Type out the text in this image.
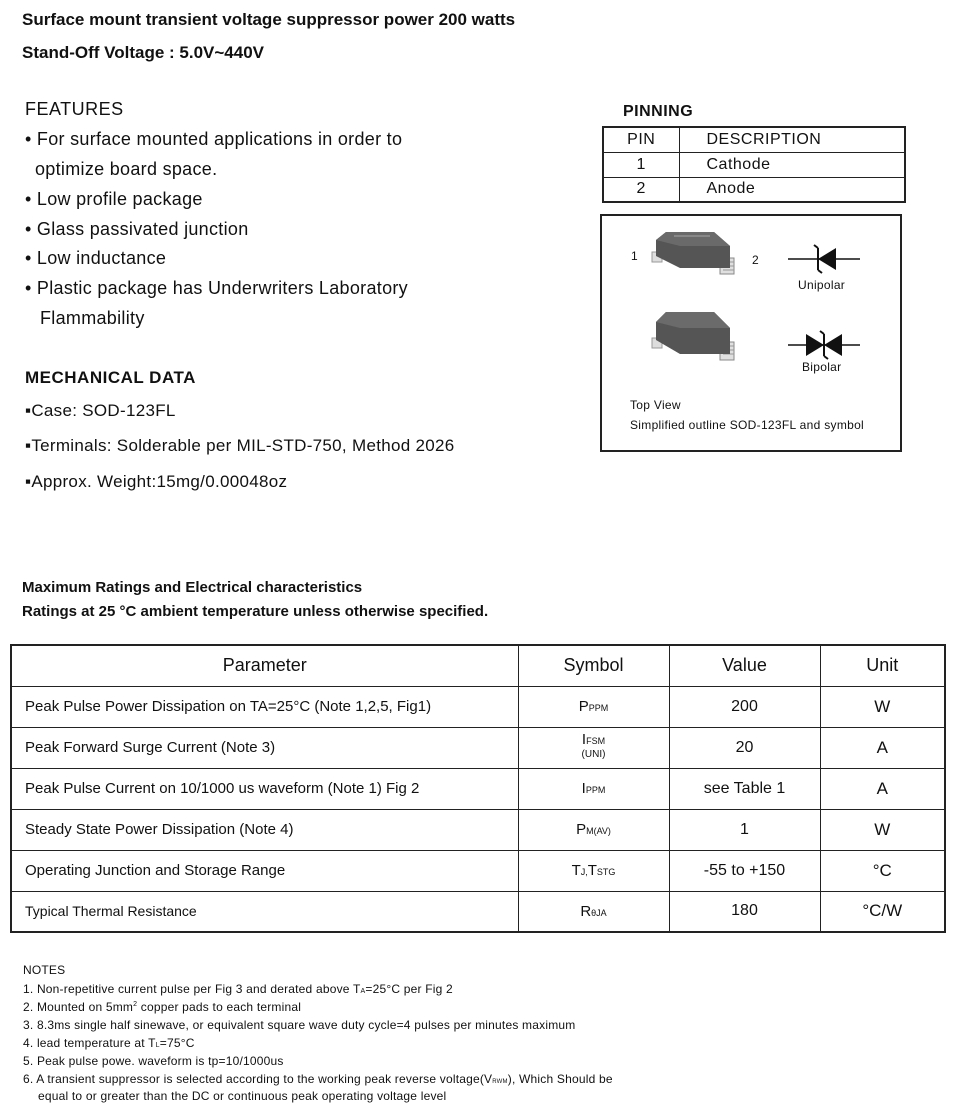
Surface mount transient voltage suppressor power 200 watts
Stand-Off Voltage : 5.0V~440V
FEATURES
• For surface mounted applications in order to
optimize board space.
• Low profile package
• Glass passivated junction
• Low inductance
• Plastic package has Underwriters Laboratory
Flammability
MECHANICAL DATA
▪Case: SOD-123FL
▪Terminals: Solderable per MIL-STD-750, Method 2026
▪Approx. Weight:15mg/0.00048oz
PINNING
PIN	DESCRIPTION
1	Cathode
2	Anode
1	2
Unipolar
Bipolar
Top View
Simplified outline SOD-123FL and symbol
Maximum Ratings and Electrical characteristics
Ratings at 25 °C ambient temperature unless otherwise specified.
Parameter	Symbol	Value	Unit
Peak Pulse Power Dissipation on TA=25°C (Note 1,2,5, Fig1)	PPPM	200	W
Peak Forward Surge Current (Note 3)	IFSM
(UNI)	20	A
Peak Pulse Current on 10/1000 us waveform (Note 1) Fig 2	IPPM	see Table 1	A
Steady State Power Dissipation (Note 4)	PM(AV)	1	W
Operating Junction and Storage Range	TJ,TSTG	-55 to +150	°C
Typical Thermal Resistance	RθJA	180	°C/W
NOTES
1. Non-repetitive current pulse per Fig 3 and derated above TA=25°C per Fig 2
2. Mounted on $5mm^2$ copper pads to each terminal
3. 8.3ms single half sinewave, or equivalent square wave duty cycle=4 pulses per minutes maximum
4. lead temperature at TL=75°C
5. Peak pulse powe. waveform is tp=10/1000us
6. A transient suppressor is selected according to the working peak reverse voltage(VRWM), Which Should be
equal to or greater than the DC or continuous peak operating voltage level
